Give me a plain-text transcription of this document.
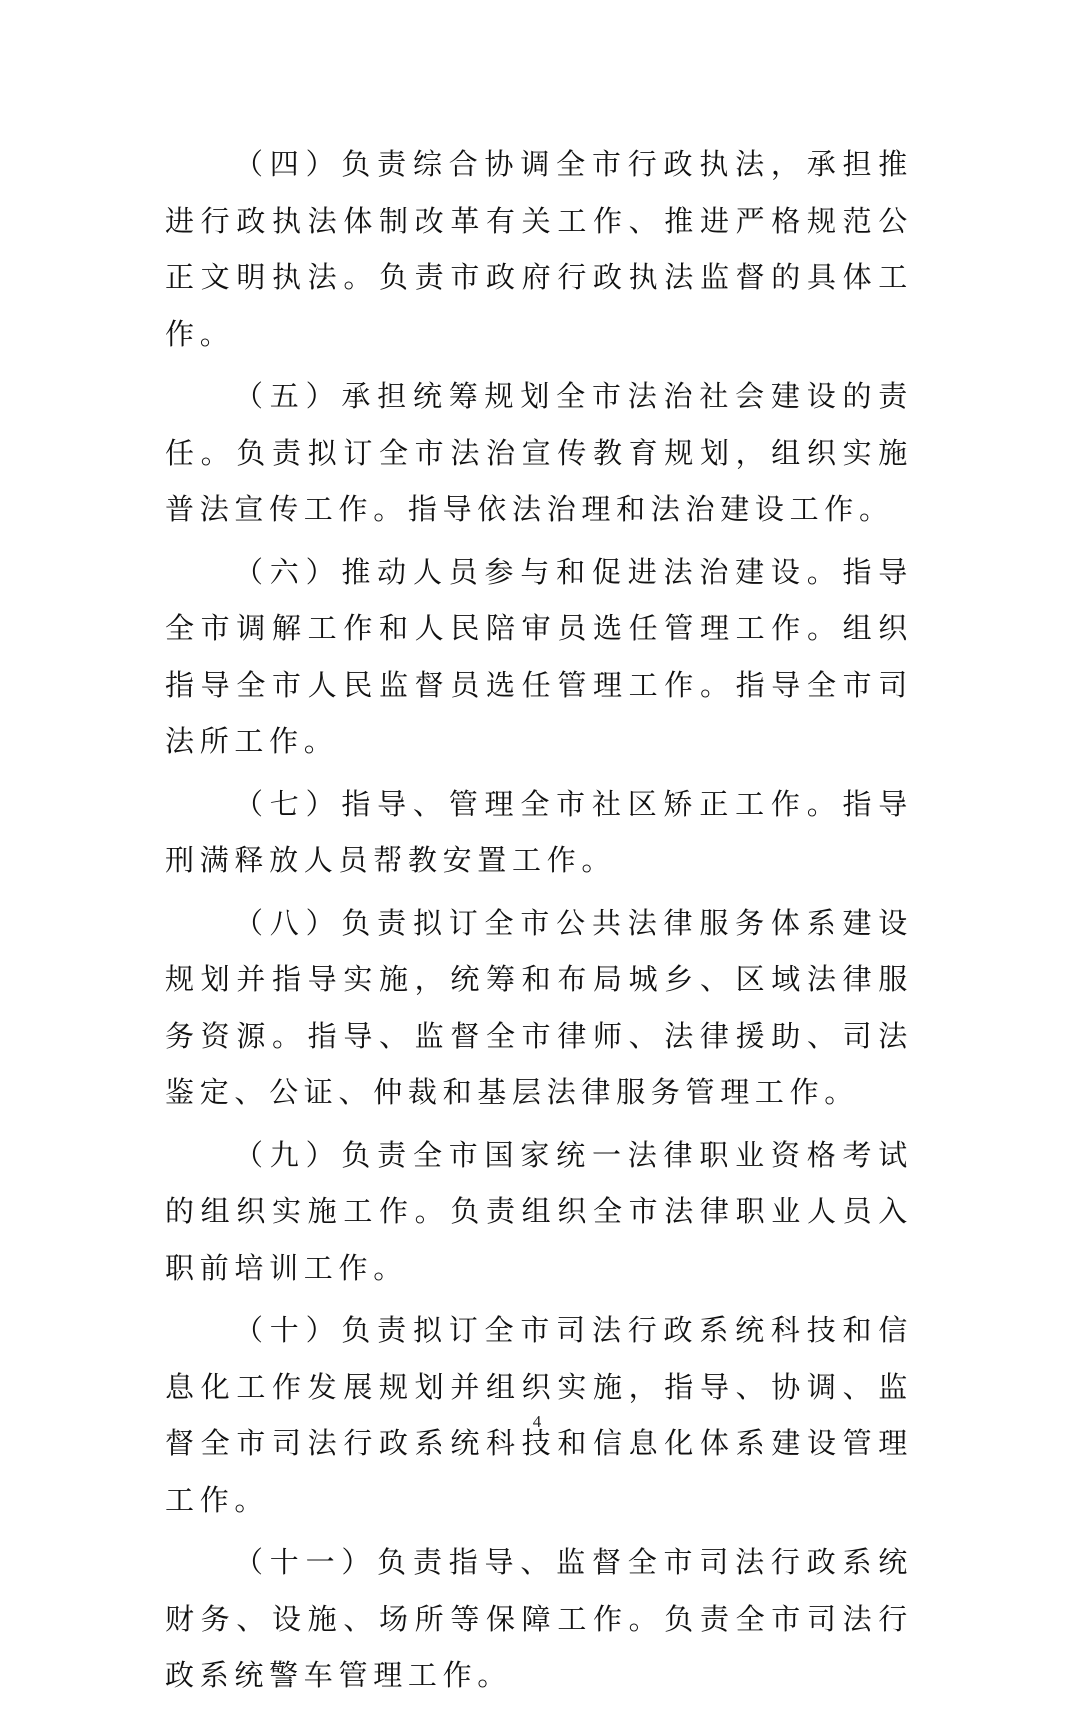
（四）负责综合协调全市行政执法，承担推进行政执法体制改革有关工作、推进严格规范公正文明执法。负责市政府行政执法监督的具体工作。

（五）承担统筹规划全市法治社会建设的责任。负责拟订全市法治宣传教育规划，组织实施普法宣传工作。指导依法治理和法治建设工作。

（六）推动人员参与和促进法治建设。指导全市调解工作和人民陪审员选任管理工作。组织指导全市人民监督员选任管理工作。指导全市司法所工作。

（七）指导、管理全市社区矫正工作。指导刑满释放人员帮教安置工作。

（八）负责拟订全市公共法律服务体系建设规划并指导实施，统筹和布局城乡、区域法律服务资源。指导、监督全市律师、法律援助、司法鉴定、公证、仲裁和基层法律服务管理工作。

（九）负责全市国家统一法律职业资格考试的组织实施工作。负责组织全市法律职业人员入职前培训工作。

（十）负责拟订全市司法行政系统科技和信息化工作发展规划并组织实施，指导、协调、监督全市司法行政系统科技和信息化体系建设管理工作。

（十一）负责指导、监督全市司法行政系统财务、设施、场所等保障工作。负责全市司法行政系统警车管理工作。

4
